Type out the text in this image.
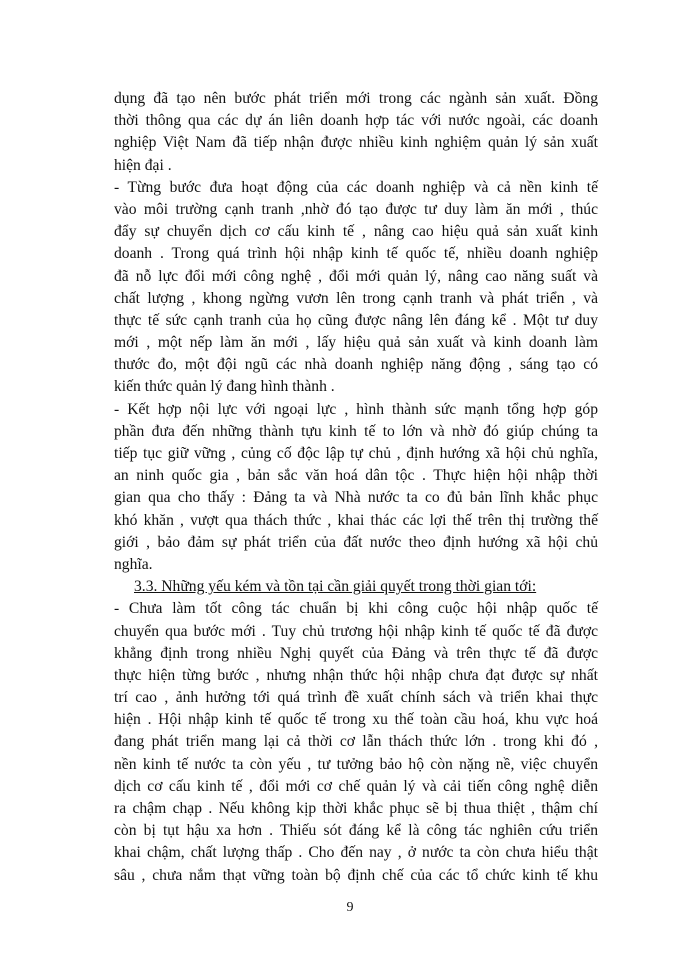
dụng đã tạo nên bước phát triển mới trong các ngành sản xuất. Đồng
thời thông qua các dự án liên doanh hợp tác với nước ngoài, các doanh
nghiệp Việt Nam đã tiếp nhận được nhiều kinh nghiệm quản lý sản xuất
hiện đại .
- Từng bước đưa hoạt động của các doanh nghiệp và cả nền kinh tế
vào môi trường cạnh tranh ,nhờ đó tạo được tư duy làm ăn mới , thúc
đẩy sự chuyển dịch cơ cấu kinh tế , nâng cao hiệu quả sản xuất kinh
doanh . Trong quá trình hội nhập kinh tế quốc tế, nhiều doanh nghiệp
đã nỗ lực đổi mới công nghệ , đổi mới quản lý, nâng cao năng suất và
chất lượng , khong ngừng vươn lên trong cạnh tranh và phát triển , và
thực tế sức cạnh tranh của họ cũng được nâng lên đáng kể . Một tư duy
mới , một nếp làm ăn mới , lấy hiệu quả sản xuất và kinh doanh làm
thước đo, một đội ngũ các nhà doanh nghiệp năng động , sáng tạo có
kiến thức quản lý đang hình thành .
- Kết hợp nội lực với ngoại lực , hình thành sức mạnh tổng hợp góp
phần đưa đến những thành tựu kinh tế to lớn và nhờ đó giúp chúng ta
tiếp tục giữ vững , củng cố độc lập tự chủ , định hướng xã hội chủ nghĩa,
an ninh quốc gia , bản sắc văn hoá dân tộc . Thực hiện hội nhập thời
gian qua cho thấy : Đảng ta và Nhà nước ta co đủ bản lĩnh khắc phục
khó khăn , vượt qua thách thức , khai thác các lợi thế trên thị trường thế
giới , bảo đảm sự phát triển của đất nước theo định hướng xã hội chủ
nghĩa.
3.3. Những yếu kém và tồn tại cần giải quyết trong thời gian tới:
- Chưa làm tốt công tác chuẩn bị khi công cuộc hội nhập quốc tế
chuyển qua bước mới . Tuy chủ trương hội nhập kinh tế quốc tế đã được
khẳng định trong nhiều Nghị quyết của Đảng và trên thực tế đã được
thực hiện từng bước , nhưng nhận thức hội nhập chưa đạt được sự nhất
trí cao , ảnh hưởng tới quá trình đề xuất chính sách và triển khai thực
hiện . Hội nhập kinh tế quốc tế trong xu thế toàn cầu hoá, khu vực hoá
đang phát triển mang lại cả thời cơ lẫn thách thức lớn . trong khi đó ,
nền kinh tế nước ta còn yếu , tư tưởng bảo hộ còn nặng nề, việc chuyển
dịch cơ cấu kinh tế , đổi mới cơ chế quản lý và cải tiến công nghệ diễn
ra chậm chạp . Nếu không kịp thời khắc phục sẽ bị thua thiệt , thậm chí
còn bị tụt hậu xa hơn . Thiếu sót đáng kể là công tác nghiên cứu triển
khai chậm, chất lượng thấp . Cho đến nay , ở nước ta còn chưa hiểu thật
sâu , chưa nắm thạt vững toàn bộ định chế của các tổ chức kinh tế khu
9
